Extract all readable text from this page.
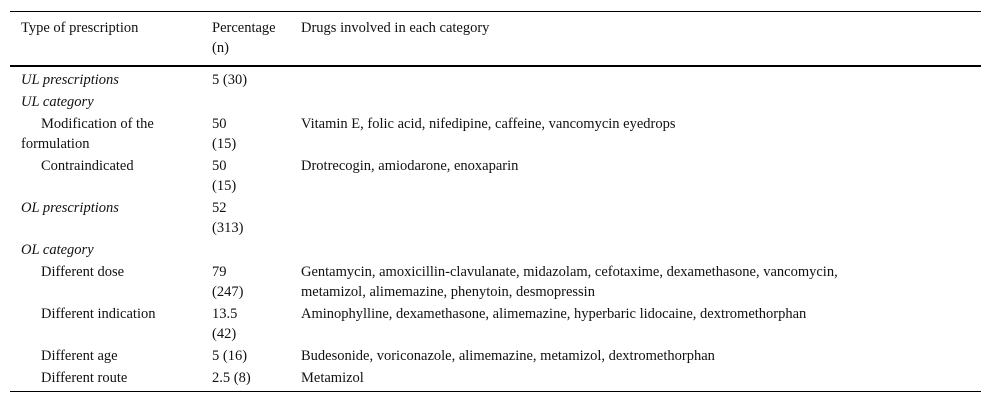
Type of prescription	Percentage (n)	Drugs involved in each category
UL prescriptions	5 (30)	
UL category		
Modification of the formulation	50 (15)	Vitamin E, folic acid, nifedipine, caffeine, vancomycin eyedrops
Contraindicated	50 (15)	Drotrecogin, amiodarone, enoxaparin
OL prescriptions	52 (313)	
OL category		
Different dose	79 (247)	Gentamycin, amoxicillin-clavulanate, midazolam, cefotaxime, dexamethasone, vancomycin, metamizol, alimemazine, phenytoin, desmopressin
Different indication	13.5 (42)	Aminophylline, dexamethasone, alimemazine, hyperbaric lidocaine, dextromethorphan
Different age	5 (16)	Budesonide, voriconazole, alimemazine, metamizol, dextromethorphan
Different route	2.5 (8)	Metamizol
